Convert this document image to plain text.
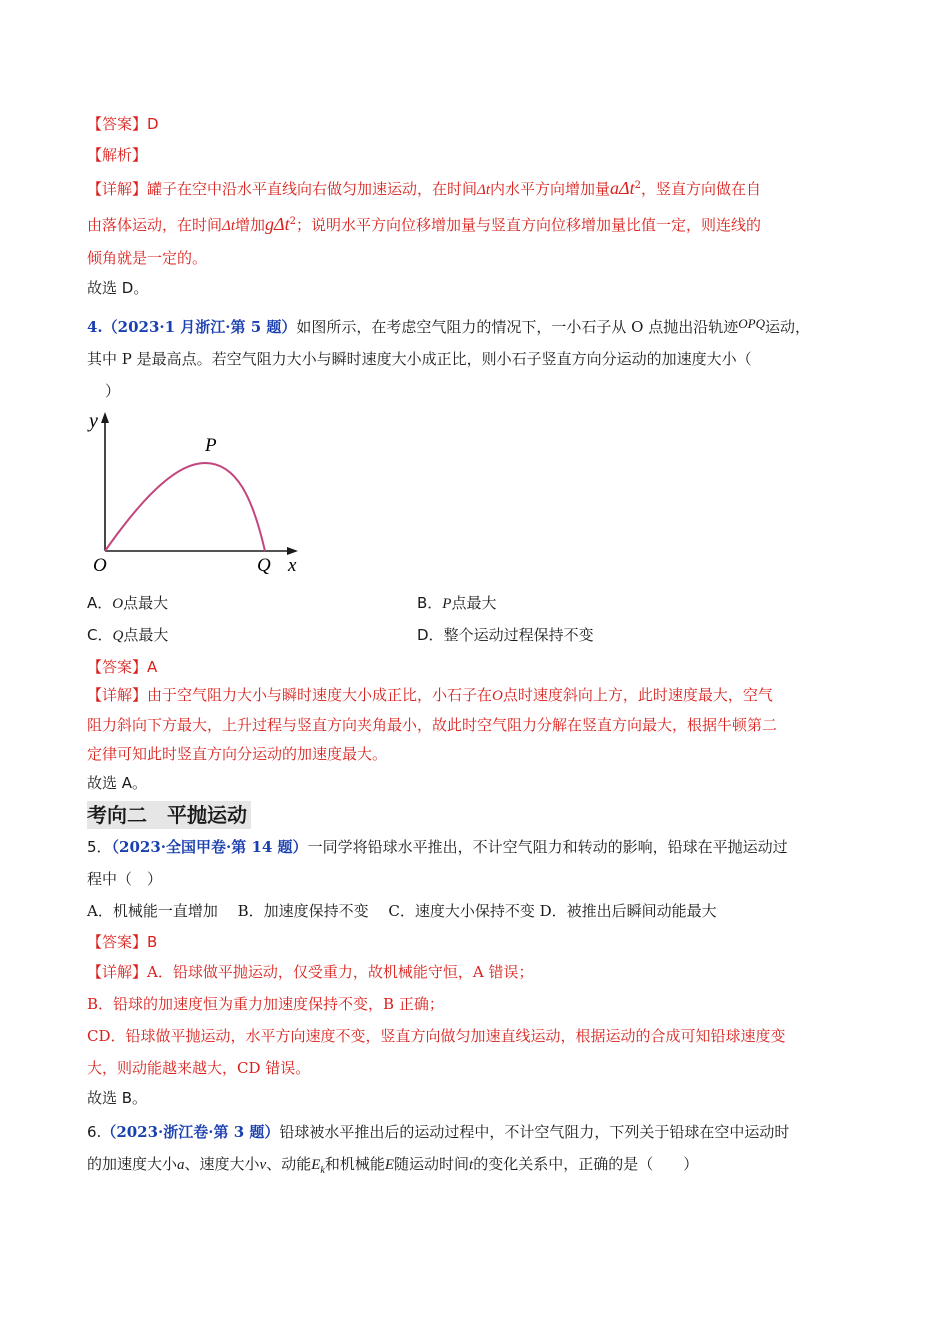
【答案】D

【解析】

【详解】罐子在空中沿水平直线向右做匀加速运动，在时间Δt内水平方向增加量aΔt$^2$，竖直方向做在自
由落体运动，在时间Δt增加gΔt$^2$；说明水平方向位移增加量与竖直方向位移增加量比值一定，则连线的
倾角就是一定的。

故选 D。

4.（2023·1 月浙江·第 5 题）如图所示，在考虑空气阻力的情况下，一小石子从 O 点抛出沿轨迹OPQ运动，
其中 P 是最高点。若空气阻力大小与瞬时速度大小成正比，则小石子竖直方向分运动的加速度大小（
）
y
P
O	Q x
A．O点最大	B．P点最大
C．Q点最大	D．整个运动过程保持不变

【答案】A

【详解】由于空气阻力大小与瞬时速度大小成正比，小石子在O点时速度斜向上方，此时速度最大，空气
阻力斜向下方最大，上升过程与竖直方向夹角最小，故此时空气阻力分解在竖直方向最大，根据牛顿第二
定律可知此时竖直方向分运动的加速度最大。

故选 A。

考向二　平抛运动
5．（2023·全国甲卷·第 14 题）一同学将铅球水平推出，不计空气阻力和转动的影响，铅球在平抛运动过
程中（　）

A．机械能一直增加　 B．加速度保持不变　 C．速度大小保持不变 D．被推出后瞬间动能最大

【答案】B

【详解】A．铅球做平抛运动，仅受重力，故机械能守恒，A 错误；
B．铅球的加速度恒为重力加速度保持不变，B 正确；
CD．铅球做平抛运动，水平方向速度不变，竖直方向做匀加速直线运动，根据运动的合成可知铅球速度变
大，则动能越来越大，CD 错误。

故选 B。

6.（2023·浙江卷·第 3 题）铅球被水平推出后的运动过程中，不计空气阻力，下列关于铅球在空中运动时
的加速度大小a、速度大小v、动能$E_k$和机械能E随运动时间t的变化关系中，正确的是（　　）
